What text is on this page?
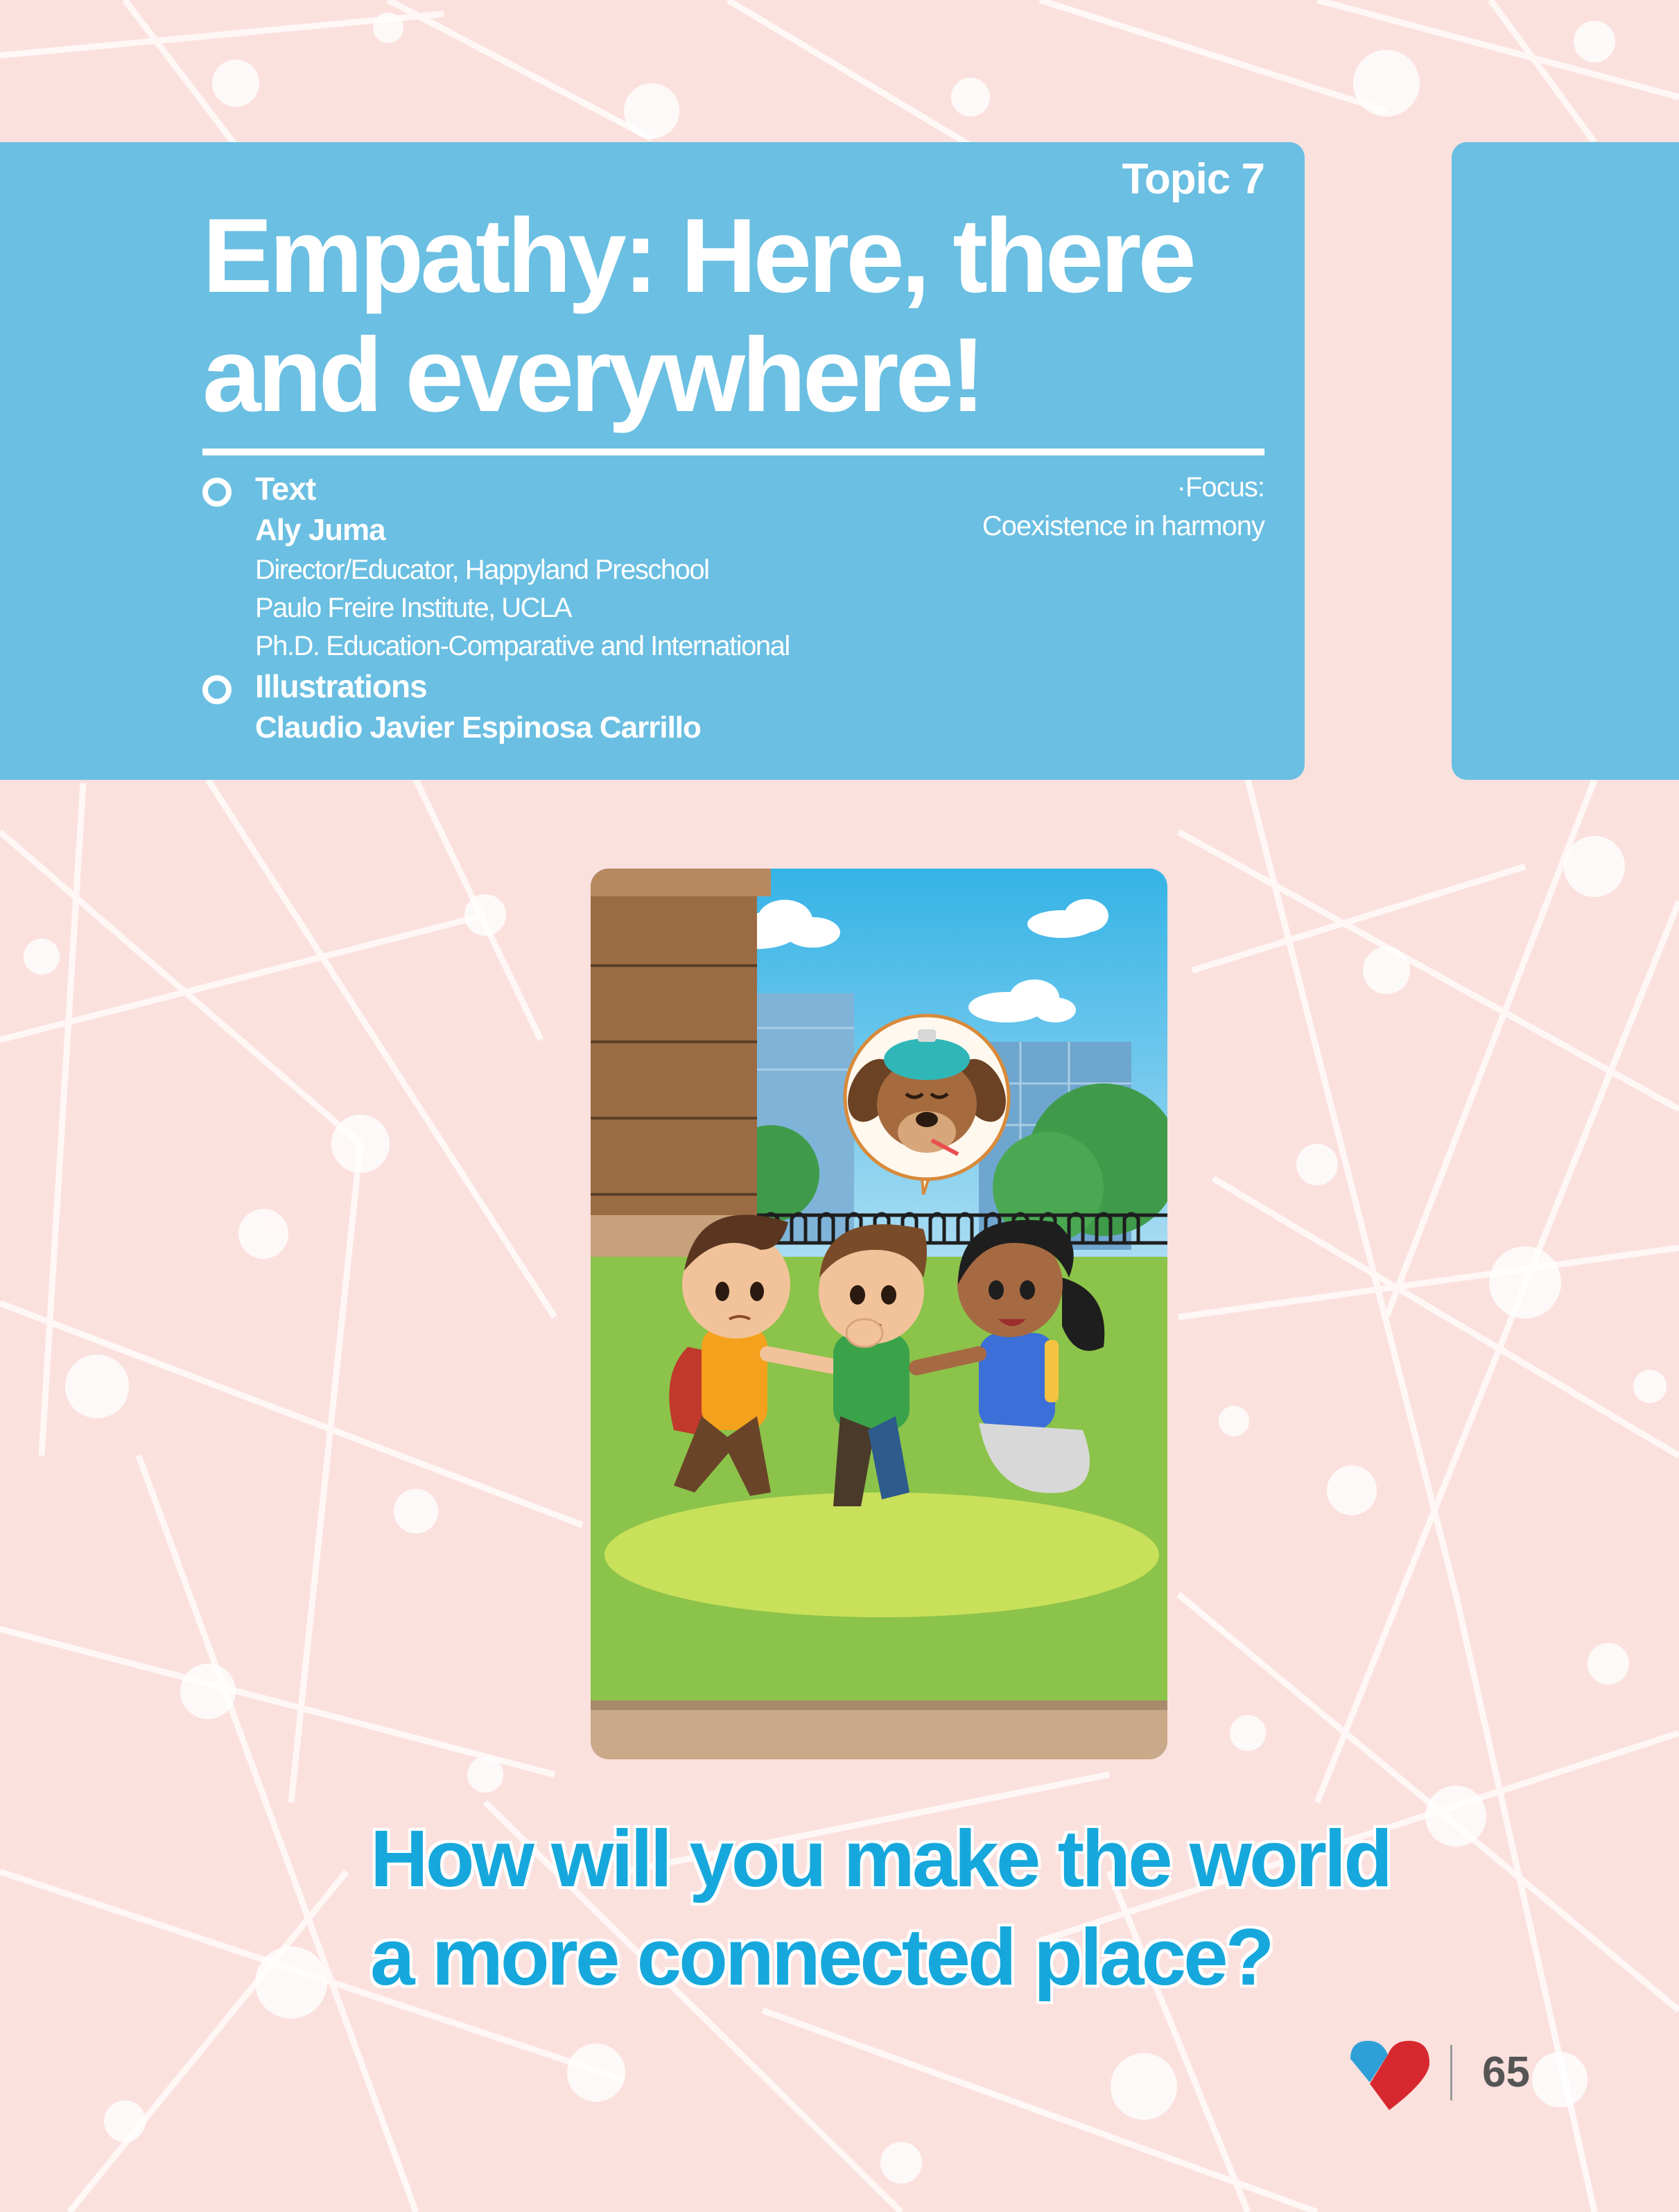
Topic 7
Empathy: Here, there
and everywhere!
Text
Aly Juma
Director/Educator, Happyland Preschool
Paulo Freire Institute, UCLA
Ph.D. Education-Comparative and International
Illustrations
Claudio Javier Espinosa Carrillo
·Focus:
Coexistence in harmony
How will you make the world
a more connected place?
65
